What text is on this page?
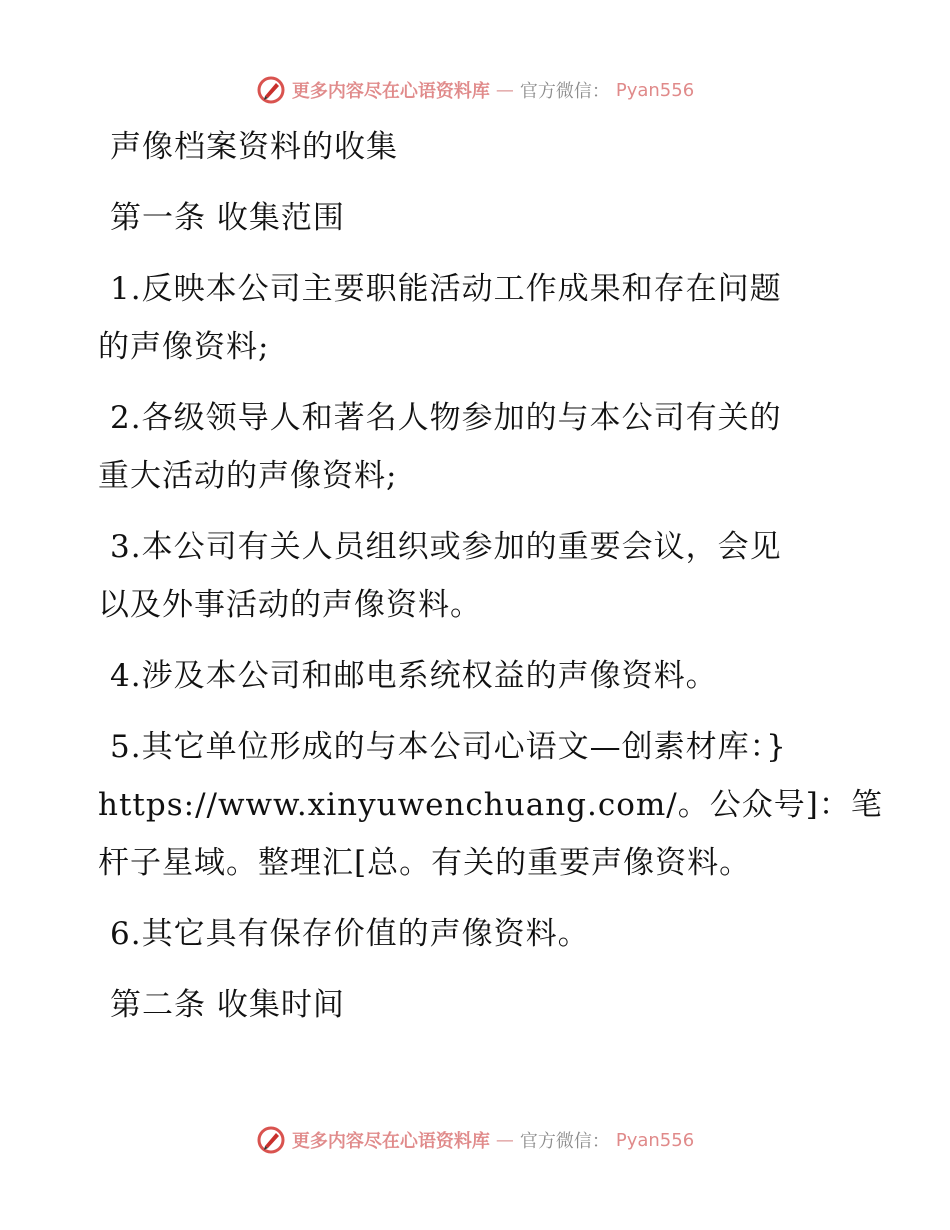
更多内容尽在心语资料库 — 官方微信： Pyan556
声像档案资料的收集
第一条 收集范围
1.反映本公司主要职能活动工作成果和存在问题
的声像资料;
2.各级领导人和著名人物参加的与本公司有关的
重大活动的声像资料;
3.本公司有关人员组织或参加的重要会议，会见
以及外事活动的声像资料。
4.涉及本公司和邮电系统权益的声像资料。
5.其它单位形成的与本公司心语文—创素材库：}
https://www.xinyuwenchuang.com/。公众号]：笔
杆子星域。整理汇[总。有关的重要声像资料。
6.其它具有保存价值的声像资料。
第二条 收集时间
更多内容尽在心语资料库 — 官方微信： Pyan556
